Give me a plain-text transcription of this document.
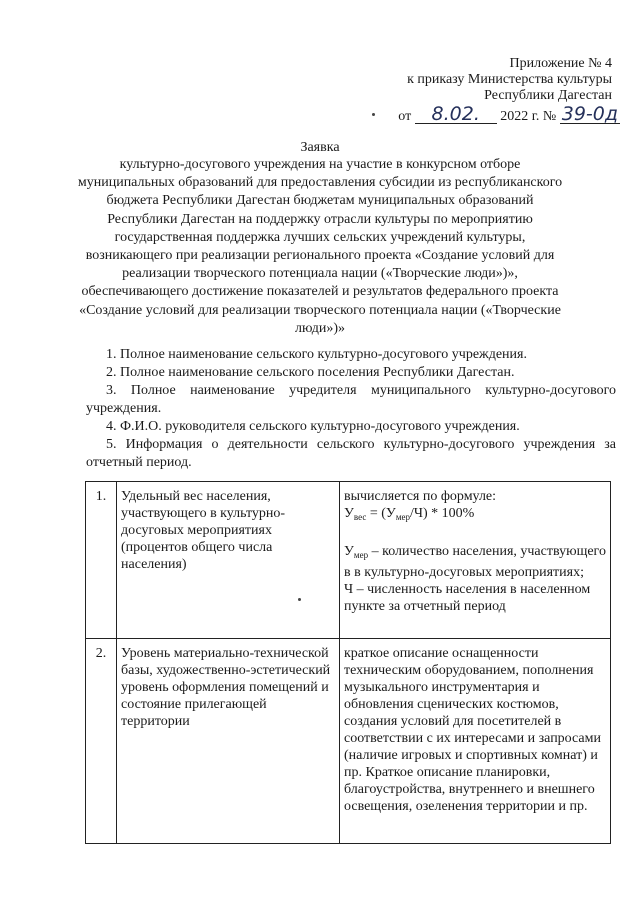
Приложение № 4
к приказу Министерства культуры
Республики Дагестан
от 8.02. 2022 г. № 39-0д
Заявка
культурно-досугового учреждения на участие в конкурсном отборе муниципальных образований для предоставления субсидии из республиканского бюджета Республики Дагестан бюджетам муниципальных образований Республики Дагестан на поддержку отрасли культуры по мероприятию государственная поддержка лучших сельских учреждений культуры, возникающего при реализации регионального проекта «Создание условий для реализации творческого потенциала нации («Творческие люди»)», обеспечивающего достижение показателей и результатов федерального проекта «Создание условий для реализации творческого потенциала нации («Творческие люди»)»

1. Полное наименование сельского культурно-досугового учреждения.

2. Полное наименование сельского поселения Республики Дагестан.

3. Полное наименование учредителя муниципального культурно-досугового учреждения.

4. Ф.И.О. руководителя сельского культурно-досугового учреждения.

5. Информация о деятельности сельского культурно-досугового учреждения за отчетный период.

1.	Удельный вес населения, участвующего в культурно-досуговых мероприятиях (процентов общего числа населения)	вычисляется по формуле:
$У_{вес} = (У_{мер}/Ч) * 100\%$
$У_{мер}$ – количество населения, участвующего в в культурно-досуговых мероприятиях;
Ч – численность населения в населенном пункте за отчетный период

2.	Уровень материально-технической базы, художественно-эстетический уровень оформления помещений и состояние прилегающей территории	краткое описание оснащенности техническим оборудованием, пополнения музыкального инструментария и обновления сценических костюмов, создания условий для посетителей в соответствии с их интересами и запросами (наличие игровых и спортивных комнат) и пр. Краткое описание планировки, благоустройства, внутреннего и внешнего освещения, озеленения территории и пр.
